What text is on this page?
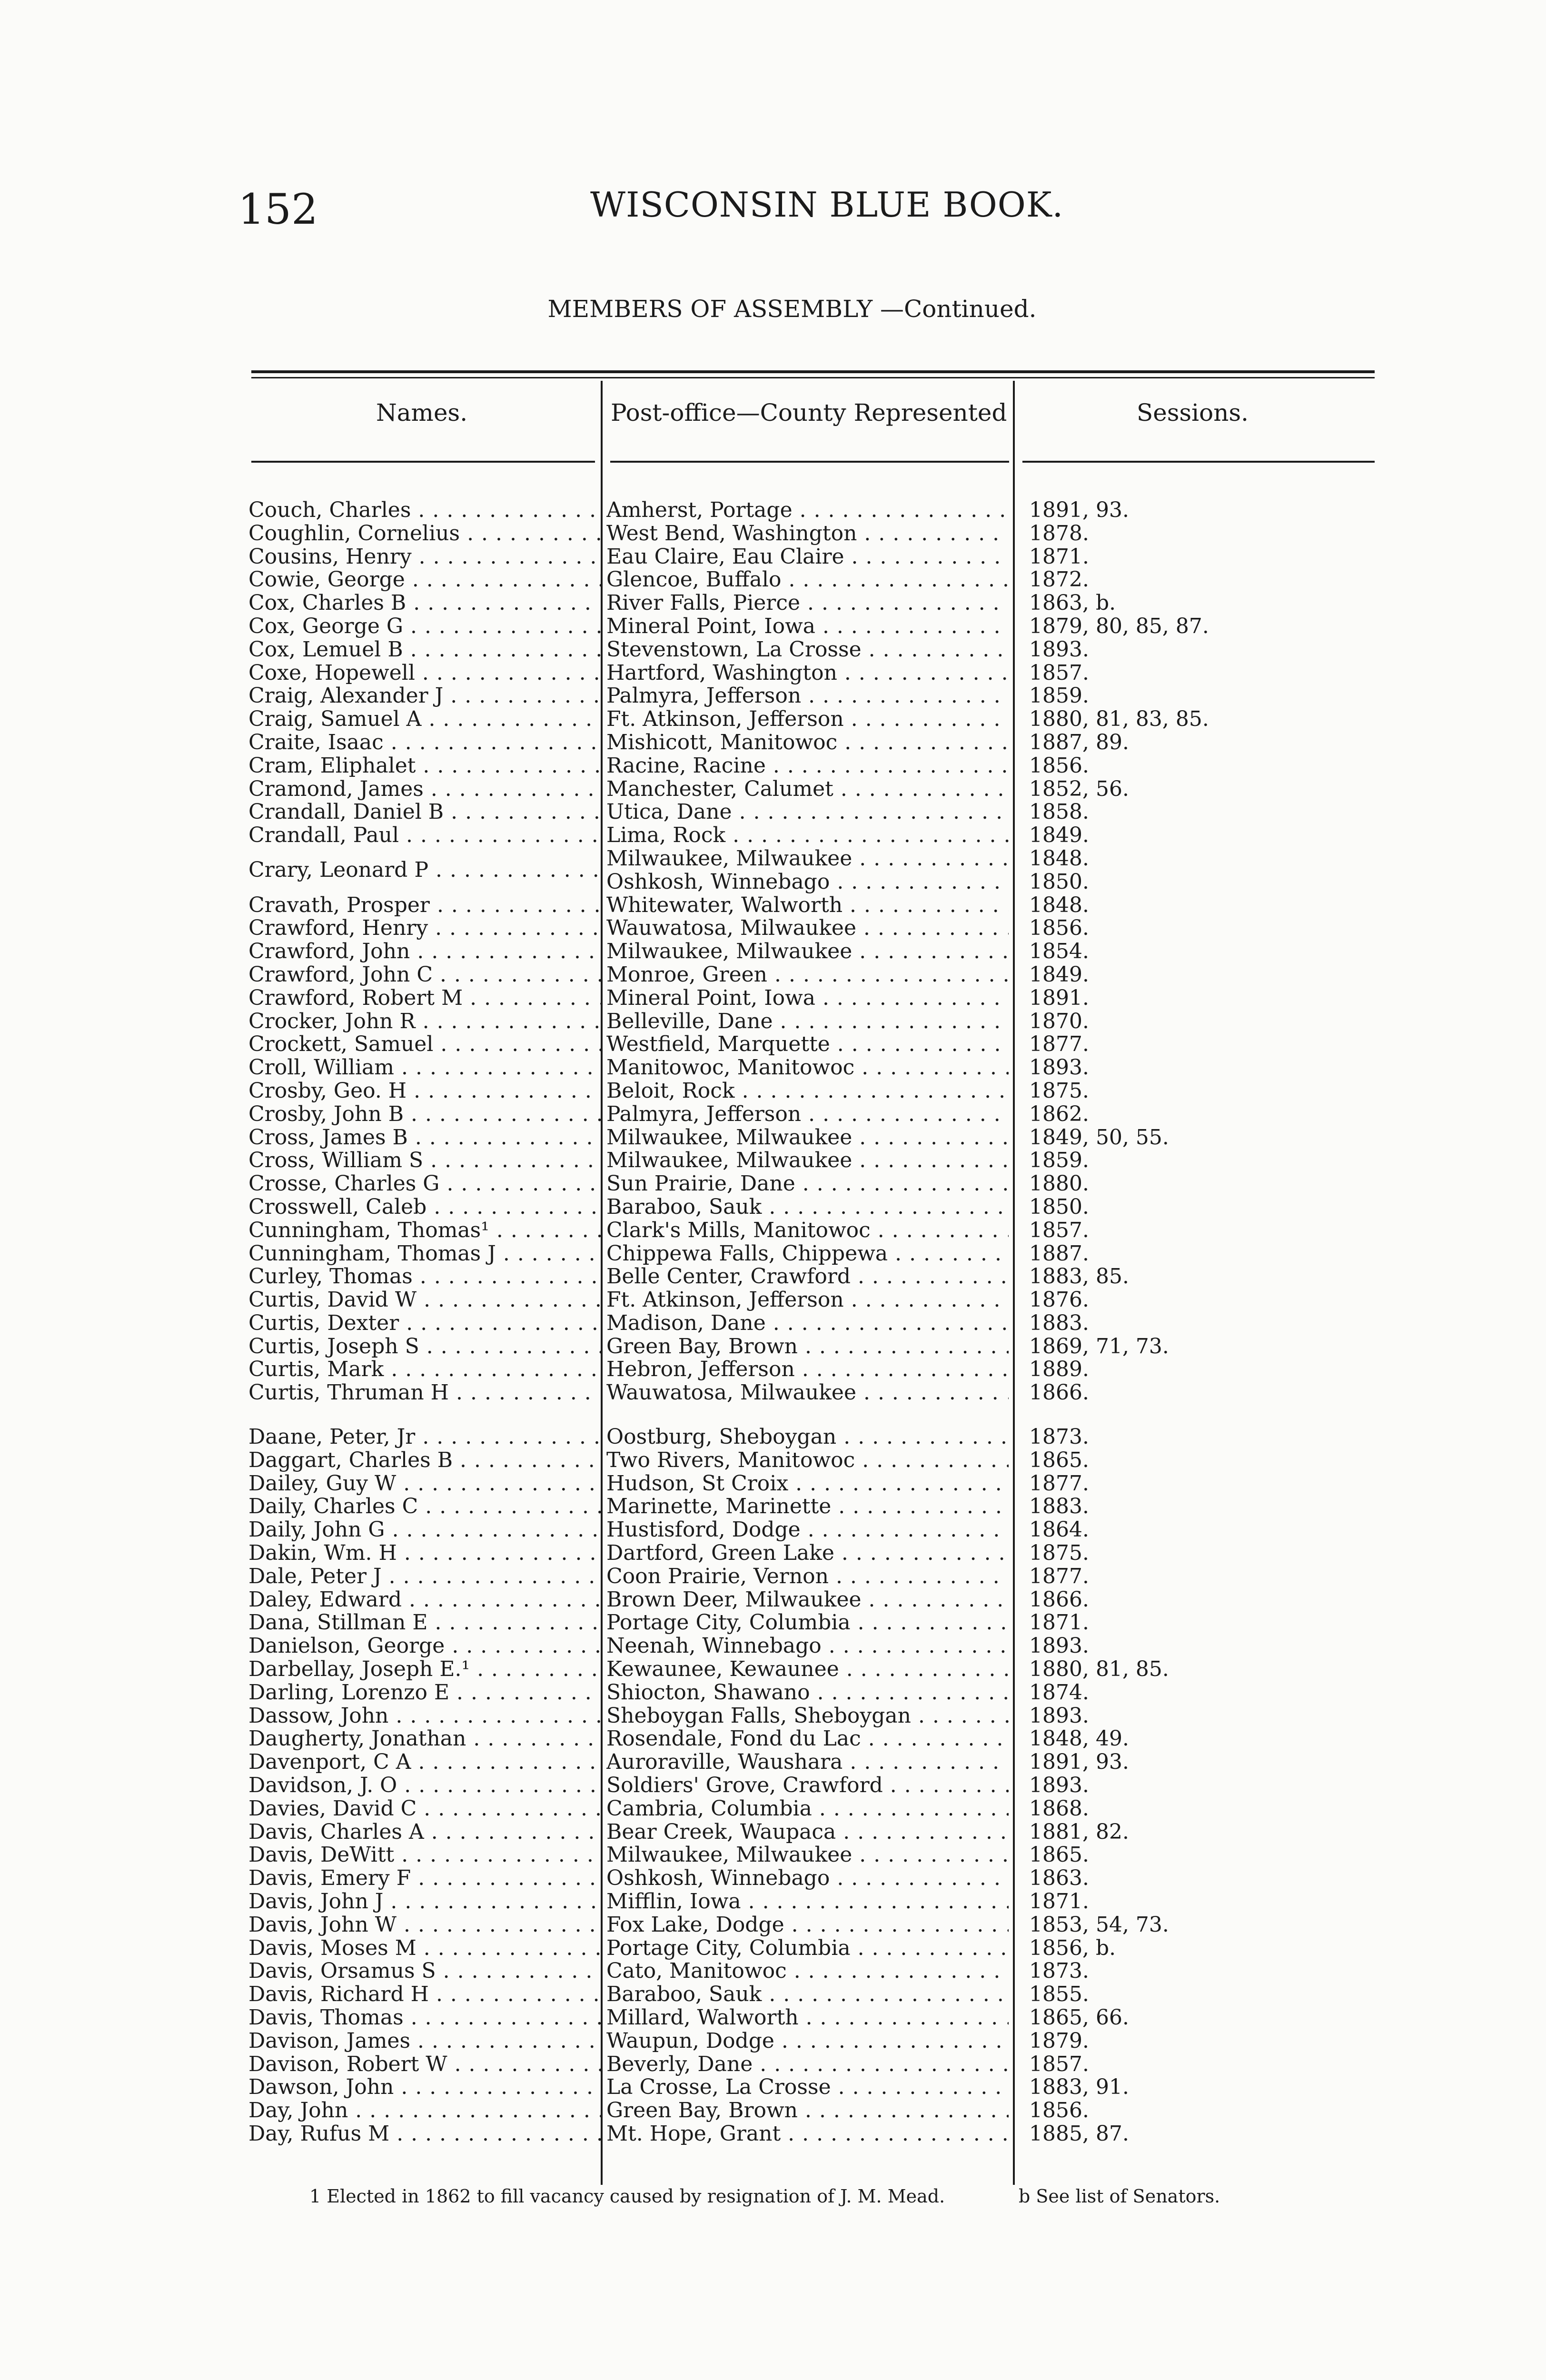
152	WISCONSIN BLUE BOOK.
MEMBERS OF ASSEMBLY —Continued.
Names.	Post-office—County Represented	Sessions.
Couch, Charles . . .	Amherst, Portage . . .	1891, 93.
Coughlin, Cornelius . . .	West Bend, Washington . . .	1878.
Cousins, Henry . . .	Eau Claire, Eau Claire . . .	1871.
Cowie, George . . .	Glencoe, Buffalo . . .	1872.
Cox, Charles B . . .	River Falls, Pierce . . .	1863, b.
Cox, George G . . .	Mineral Point, Iowa . . .	1879, 80, 85, 87.
Cox, Lemuel B . . .	Stevenstown, La Crosse . . .	1893.
Coxe, Hopewell . . .	Hartford, Washington . . .	1857.
Craig, Alexander J . . .	Palmyra, Jefferson . . .	1859.
Craig, Samuel A . . .	Ft. Atkinson, Jefferson . . .	1880, 81, 83, 85.
Craite, Isaac . . .	Mishicott, Manitowoc . . .	1887, 89.
Cram, Eliphalet . . .	Racine, Racine . . .	1856.
Cramond, James . . .	Manchester, Calumet . . .	1852, 56.
Crandall, Daniel B . . .	Utica, Dane . . .	1858.
Crandall, Paul . . .	Lima, Rock . . .	1849.
Crary, Leonard P . . .	Milwaukee, Milwaukee . . .	1848.
Oshkosh, Winnebago . . .	1850.
Cravath, Prosper . . .	Whitewater, Walworth . . .	1848.
Crawford, Henry . . .	Wauwatosa, Milwaukee . . .	1856.
Crawford, John . . .	Milwaukee, Milwaukee . . .	1854.
Crawford, John C . . .	Monroe, Green . . .	1849.
Crawford, Robert M . . .	Mineral Point, Iowa . . .	1891.
Crocker, John R . . .	Belleville, Dane . . .	1870.
Crockett, Samuel . . .	Westfield, Marquette . . .	1877.
Croll, William . . .	Manitowoc, Manitowoc . . .	1893.
Crosby, Geo. H . . .	Beloit, Rock . . .	1875.
Crosby, John B . . .	Palmyra, Jefferson . . .	1862.
Cross, James B . . .	Milwaukee, Milwaukee . . .	1849, 50, 55.
Cross, William S . . .	Milwaukee, Milwaukee . . .	1859.
Crosse, Charles G . . .	Sun Prairie, Dane . . .	1880.
Crosswell, Caleb . . .	Baraboo, Sauk . . .	1850.
Cunningham, Thomas¹ . . .	Clark's Mills, Manitowoc . . .	1857.
Cunningham, Thomas J . . .	Chippewa Falls, Chippewa . . .	1887.
Curley, Thomas . . .	Belle Center, Crawford . . .	1883, 85.
Curtis, David W . . .	Ft. Atkinson, Jefferson . . .	1876.
Curtis, Dexter . . .	Madison, Dane . . .	1883.
Curtis, Joseph S . . .	Green Bay, Brown . . .	1869, 71, 73.
Curtis, Mark . . .	Hebron, Jefferson . . .	1889.
Curtis, Thruman H . . .	Wauwatosa, Milwaukee . . .	1866.
Daane, Peter, Jr . . .	Oostburg, Sheboygan . . .	1873.
Daggart, Charles B . . .	Two Rivers, Manitowoc . . .	1865.
Dailey, Guy W . . .	Hudson, St Croix . . .	1877.
Daily, Charles C . . .	Marinette, Marinette . . .	1883.
Daily, John G . . .	Hustisford, Dodge . . .	1864.
Dakin, Wm. H . . .	Dartford, Green Lake . . .	1875.
Dale, Peter J . . .	Coon Prairie, Vernon . . .	1877.
Daley, Edward . . .	Brown Deer, Milwaukee . . .	1866.
Dana, Stillman E . . .	Portage City, Columbia . . .	1871.
Danielson, George . . .	Neenah, Winnebago . . .	1893.
Darbellay, Joseph E.¹ . . .	Kewaunee, Kewaunee . . .	1880, 81, 85.
Darling, Lorenzo E . . .	Shiocton, Shawano . . .	1874.
Dassow, John . . .	Sheboygan Falls, Sheboygan . . .	1893.
Daugherty, Jonathan . . .	Rosendale, Fond du Lac . . .	1848, 49.
Davenport, C A . . .	Auroraville, Waushara . . .	1891, 93.
Davidson, J. O . . .	Soldiers' Grove, Crawford . . .	1893.
Davies, David C . . .	Cambria, Columbia . . .	1868.
Davis, Charles A . . .	Bear Creek, Waupaca . . .	1881, 82.
Davis, DeWitt . . .	Milwaukee, Milwaukee . . .	1865.
Davis, Emery F . . .	Oshkosh, Winnebago . . .	1863.
Davis, John J . . .	Mifflin, Iowa . . .	1871.
Davis, John W . . .	Fox Lake, Dodge . . .	1853, 54, 73.
Davis, Moses M . . .	Portage City, Columbia . . .	1856, b.
Davis, Orsamus S . . .	Cato, Manitowoc . . .	1873.
Davis, Richard H . . .	Baraboo, Sauk . . .	1855.
Davis, Thomas . . .	Millard, Walworth . . .	1865, 66.
Davison, James . . .	Waupun, Dodge . . .	1879.
Davison, Robert W . . .	Beverly, Dane . . .	1857.
Dawson, John . . .	La Crosse, La Crosse . . .	1883, 91.
Day, John . . .	Green Bay, Brown . . .	1856.
Day, Rufus M . . .	Mt. Hope, Grant . . .	1885, 87.
1 Elected in 1862 to fill vacancy caused by resignation of J. M. Mead.	b See list of Senators.
